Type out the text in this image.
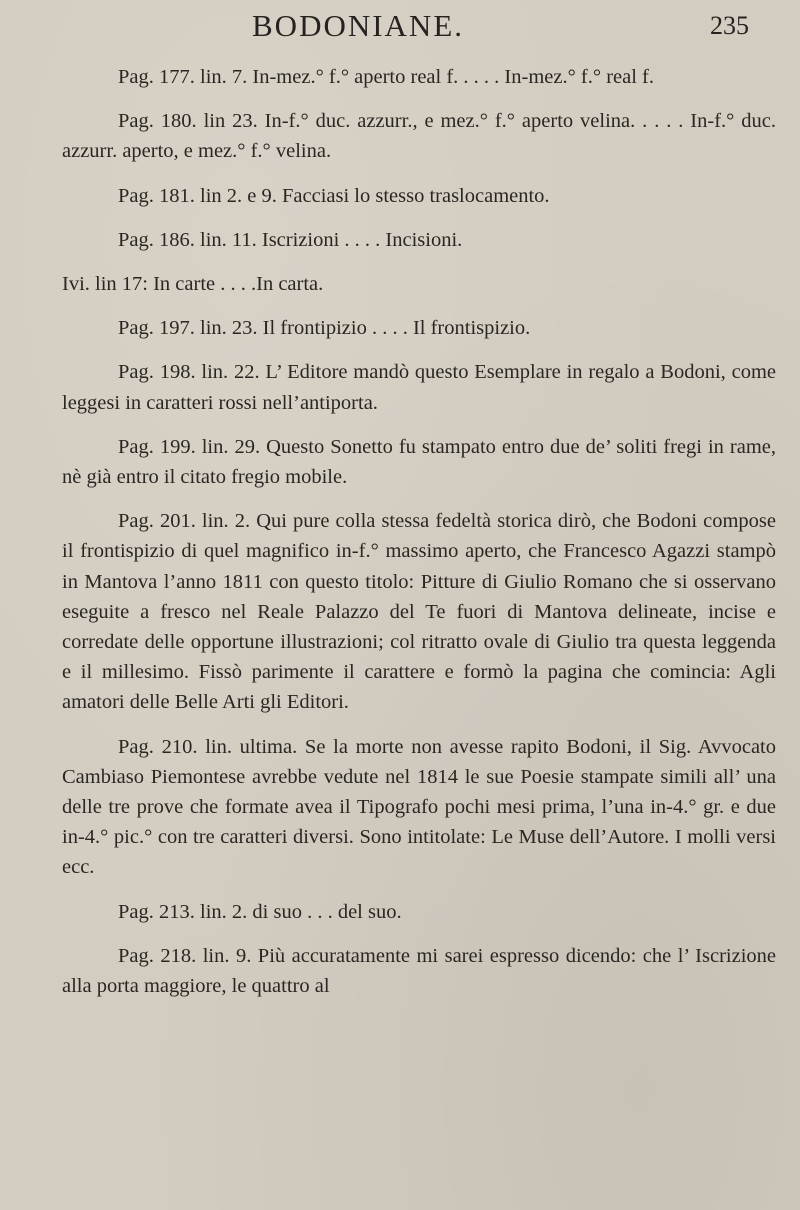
BODONIANE.	235

Pag. 177. lin. 7. In-mez.° f.° aperto real f. . . . . In-mez.° f.° real f.

Pag. 180. lin 23. In-f.° duc. azzurr., e mez.° f.° aperto velina. . . . . In-f.° duc. azzurr. aperto, e mez.° f.° velina.

Pag. 181. lin 2. e 9. Facciasi lo stesso traslocamento.

Pag. 186. lin. 11. Iscrizioni . . . . Incisioni.

Ivi. lin 17: In carte . . . .In carta.

Pag. 197. lin. 23. Il frontipizio . . . . Il frontispizio.

Pag. 198. lin. 22. L’ Editore mandò questo Esemplare in regalo a Bodoni, come leggesi in caratteri rossi nell’antiporta.

Pag. 199. lin. 29. Questo Sonetto fu stampato entro due de’ soliti fregi in rame, nè già entro il citato fregio mobile.

Pag. 201. lin. 2. Qui pure colla stessa fedeltà storica dirò, che Bodoni compose il frontispizio di quel magnifico in-f.° massimo aperto, che Francesco Agazzi stampò in Mantova l’anno 1811 con questo titolo: Pitture di Giulio Romano che si osservano eseguite a fresco nel Reale Palazzo del Te fuori di Mantova delineate, incise e corredate delle opportune illustrazioni; col ritratto ovale di Giulio tra questa leggenda e il millesimo. Fissò parimente il carattere e formò la pagina che comincia: Agli amatori delle Belle Arti gli Editori.

Pag. 210. lin. ultima. Se la morte non avesse rapito Bodoni, il Sig. Avvocato Cambiaso Piemontese avrebbe vedute nel 1814 le sue Poesie stampate simili all’ una delle tre prove che formate avea il Tipografo pochi mesi prima, l’una in-4.° gr. e due in-4.° pic.° con tre caratteri diversi. Sono intitolate: Le Muse dell’Autore. I molli versi ecc.

Pag. 213. lin. 2. di suo . . . del suo.

Pag. 218. lin. 9. Più accuratamente mi sarei espresso dicendo: che l’ Iscrizione alla porta maggiore, le quattro al
